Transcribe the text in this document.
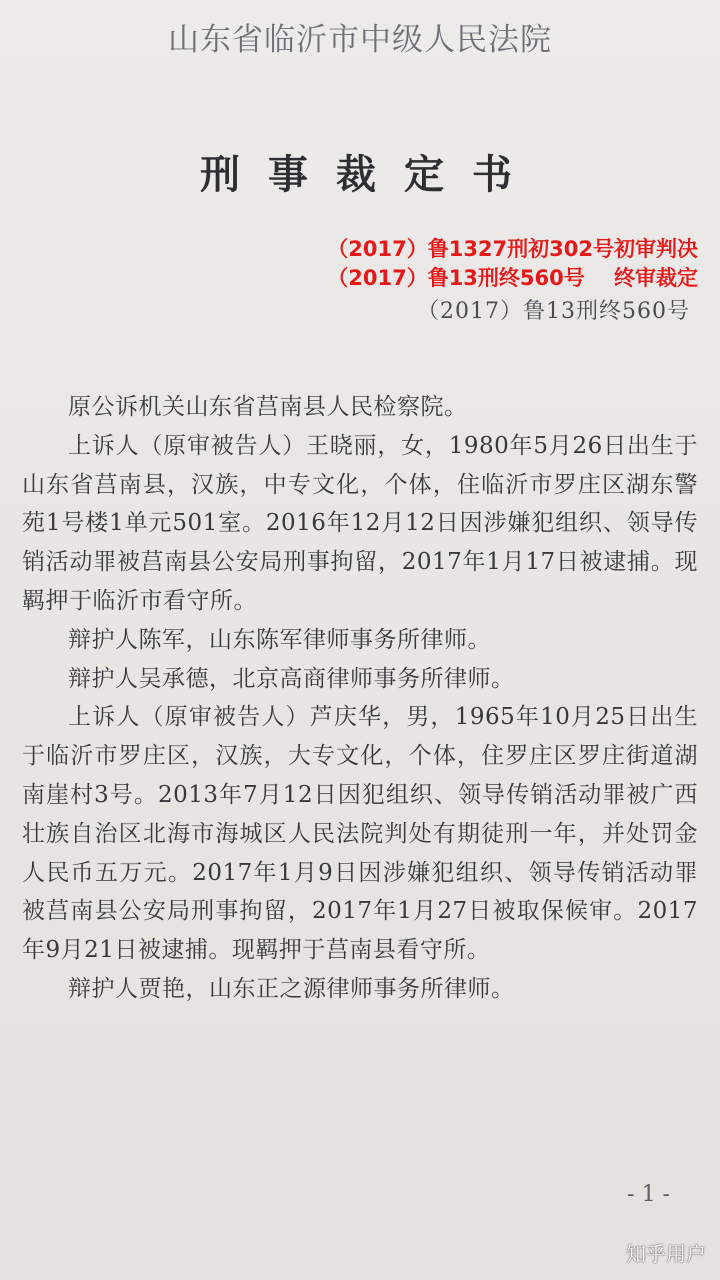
山东省临沂市中级人民法院
刑事裁定书
（2017）鲁1327刑初302号初审判决
（2017）鲁13刑终560号    终审裁定
（2017）鲁13刑终560号

原公诉机关山东省莒南县人民检察院。

上诉人（原审被告人）王晓丽，女，1980年5月26日出生于山东省莒南县，汉族，中专文化，个体，住临沂市罗庄区湖东警苑1号楼1单元501室。2016年12月12日因涉嫌犯组织、领导传销活动罪被莒南县公安局刑事拘留，2017年1月17日被逮捕。现羁押于临沂市看守所。

辩护人陈军，山东陈军律师事务所律师。

辩护人吴承德，北京高商律师事务所律师。

上诉人（原审被告人）芦庆华，男，1965年10月25日出生于临沂市罗庄区，汉族，大专文化，个体，住罗庄区罗庄街道湖南崖村3号。2013年7月12日因犯组织、领导传销活动罪被广西壮族自治区北海市海城区人民法院判处有期徒刑一年，并处罚金人民币五万元。2017年1月9日因涉嫌犯组织、领导传销活动罪被莒南县公安局刑事拘留，2017年1月27日被取保候审。2017年9月21日被逮捕。现羁押于莒南县看守所。

辩护人贾艳，山东正之源律师事务所律师。

- 1 -
知乎用户
